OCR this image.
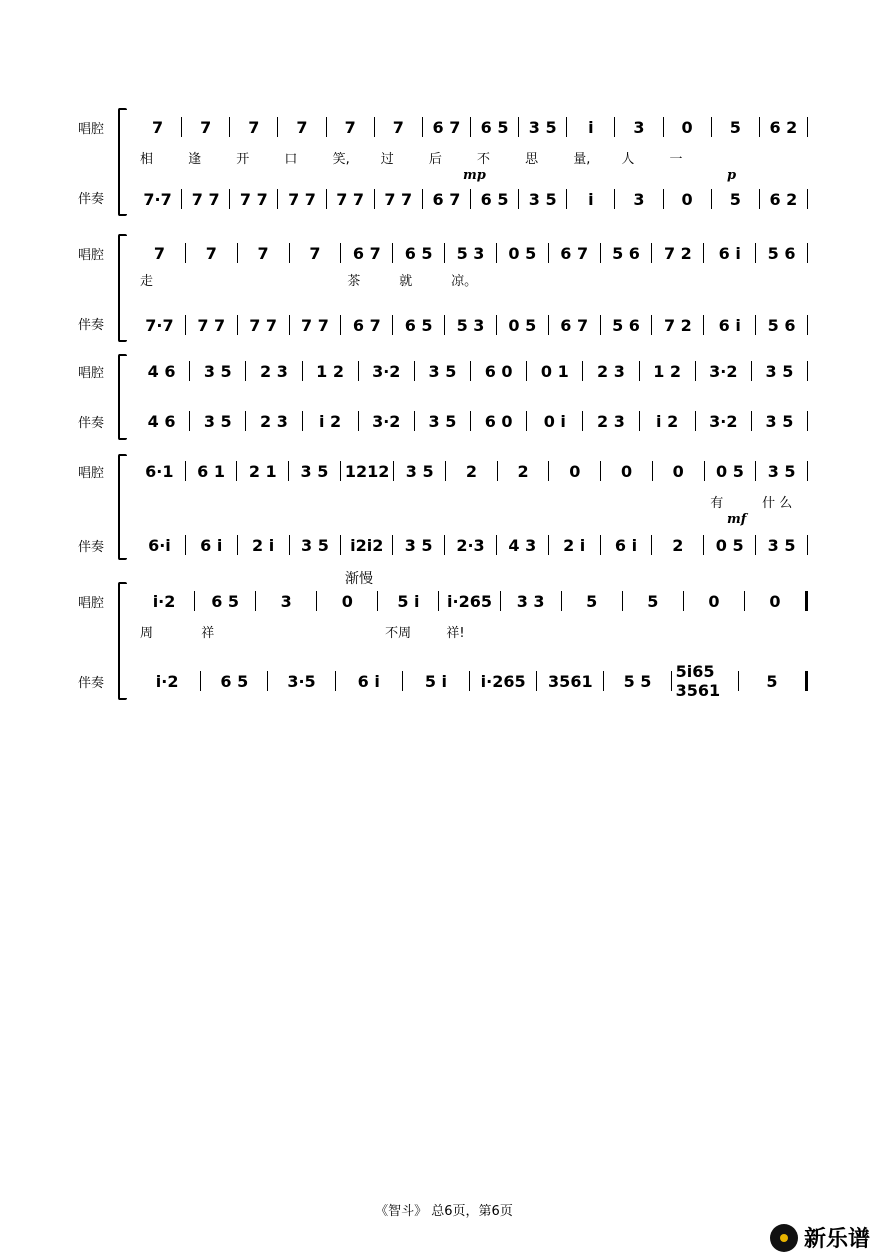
唱腔
伴奏
7	7	7	7	7	7	6 7	6 5	3 5	i	3	0	5	6 2
相	逢	开	口	笑,	过	后	不	思	量,	人	一
mp	p
7·7	7 7	7 7	7 7	7 7	7 7	6 7	6 5	3 5	i	3	0	5	6 2
唱腔
伴奏
7	7	7	7	6 7	6 5	5 3	0 5	6 7	5 6	7 2	6 i	5 6
走	茶	就	凉。
7·7	7 7	7 7	7 7	6 7	6 5	5 3	0 5	6 7	5 6	7 2	6 i	5 6
唱腔
伴奏
4 6	3 5	2 3	1 2	3·2	3 5	6 0	0 1	2 3	1 2	3·2	3 5
4 6	3 5	2 3	i 2	3·2	3 5	6 0	0 i	2 3	i 2	3·2	3 5
唱腔
伴奏
6·1	6 1	2 1	3 5	1212	3 5	2	2	0	0	0	0 5	3 5
有	什 么
mf
6·i	6 i	2 i	3 5	i2i2	3 5	2·3	4 3	2 i	6 i	2	0 5	3 5
渐慢
唱腔
伴奏
i·2	6 5	3	0	5 i	i·265	3 3	5	5	0	0
周	祥	不周	祥!
i·2	6 5	3·5	6 i	5 i	i·265	3561	5 5	5i65 3561	5
《智斗》 总6页，第6页
新乐谱
